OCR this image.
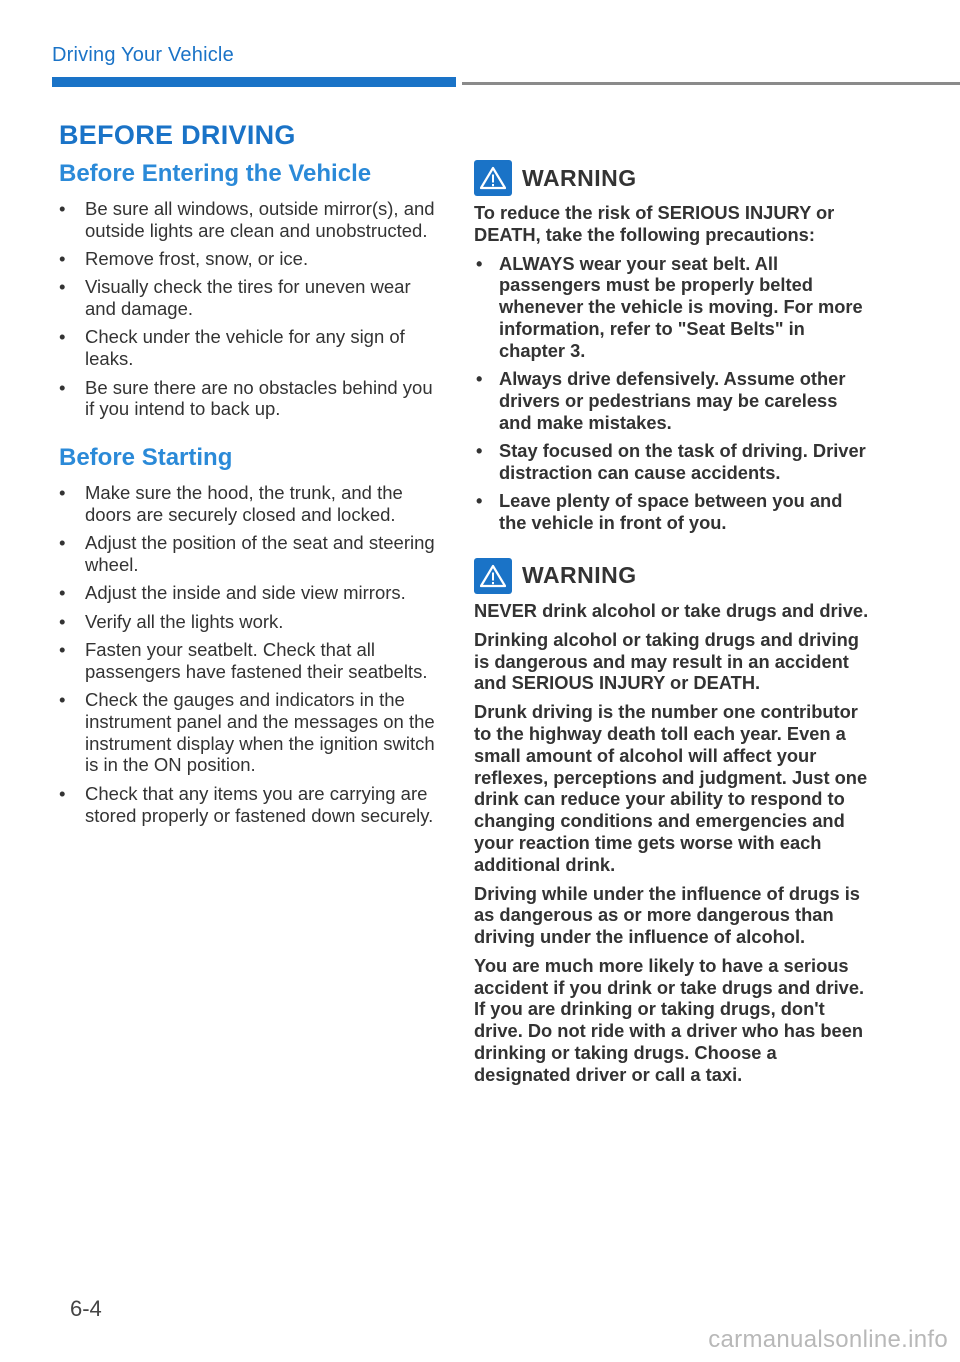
Driving Your Vehicle
BEFORE DRIVING
Before Entering the Vehicle
• Be sure all windows, outside mirror(s), and outside lights are clean and unobstructed.
• Remove frost, snow, or ice.
• Visually check the tires for uneven wear and damage.
• Check under the vehicle for any sign of leaks.
• Be sure there are no obstacles behind you if you intend to back up.
Before Starting
• Make sure the hood, the trunk, and the doors are securely closed and locked.
• Adjust the position of the seat and steering wheel.
• Adjust the inside and side view mirrors.
• Verify all the lights work.
• Fasten your seatbelt. Check that all passengers have fastened their seatbelts.
• Check the gauges and indicators in the instrument panel and the messages on the instrument display when the ignition switch is in the ON position.
• Check that any items you are carrying are stored properly or fastened down securely.
WARNING

To reduce the risk of SERIOUS INJURY or DEATH, take the following precautions:

• ALWAYS wear your seat belt. All passengers must be properly belted whenever the vehicle is moving. For more information, refer to "Seat Belts" in chapter 3.
• Always drive defensively. Assume other drivers or pedestrians may be careless and make mistakes.
• Stay focused on the task of driving. Driver distraction can cause accidents.
• Leave plenty of space between you and the vehicle in front of you.
WARNING

NEVER drink alcohol or take drugs and drive.

Drinking alcohol or taking drugs and driving is dangerous and may result in an accident and SERIOUS INJURY or DEATH.

Drunk driving is the number one contributor to the highway death toll each year. Even a small amount of alcohol will affect your reflexes, perceptions and judgment. Just one drink can reduce your ability to respond to changing conditions and emergencies and your reaction time gets worse with each additional drink.

Driving while under the influence of drugs is as dangerous as or more dangerous than driving under the influence of alcohol.

You are much more likely to have a serious accident if you drink or take drugs and drive. If you are drinking or taking drugs, don't drive. Do not ride with a driver who has been drinking or taking drugs. Choose a designated driver or call a taxi.

6-4
carmanualsonline.info
